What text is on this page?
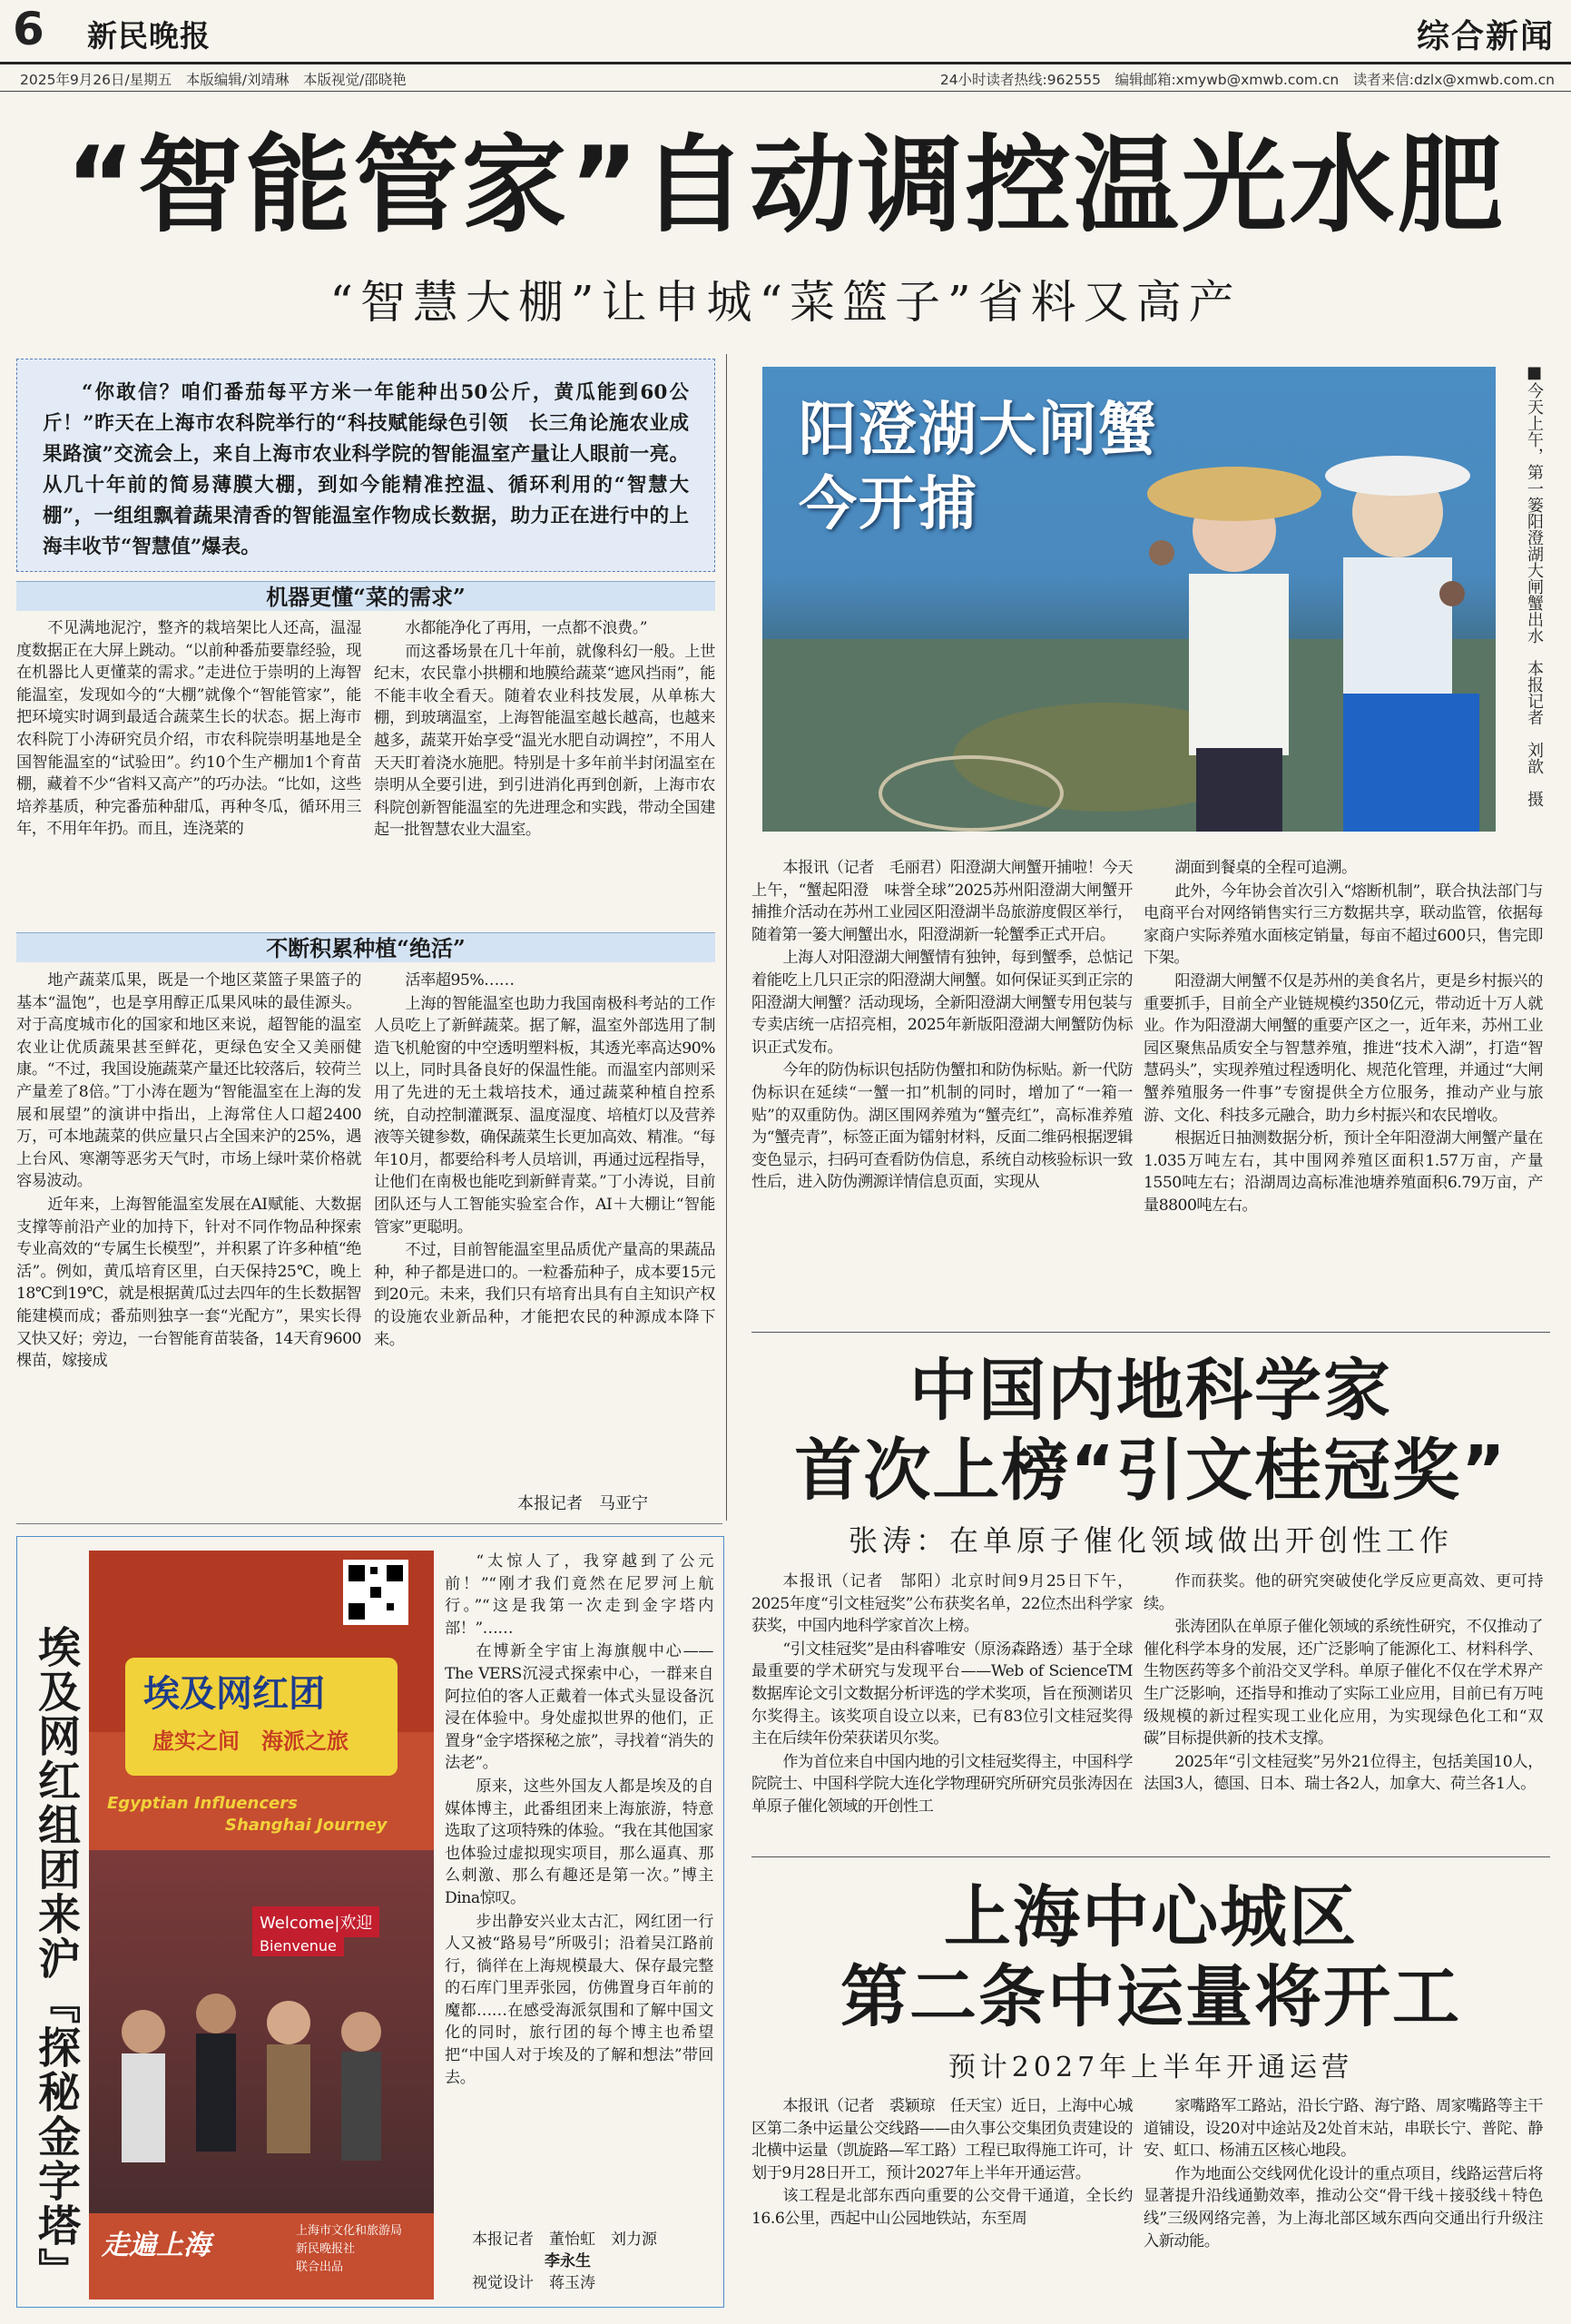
6 新民晚报	综合新闻
2025年9月26日/星期五　本版编辑/刘靖琳　本版视觉/邵晓艳	24小时读者热线:962555　编辑邮箱:xmywb@xmwb.com.cn　读者来信:dzlx@xmwb.com.cn
“智能管家”自动调控温光水肥
“智慧大棚”让申城“菜篮子”省料又高产
“你敢信？咱们番茄每平方米一年能种出50公斤，黄瓜能到60公斤！”昨天在上海市农科院举行的“科技赋能绿色引领　长三角论施农业成果路演”交流会上，来自上海市农业科学院的智能温室产量让人眼前一亮。从几十年前的简易薄膜大棚，到如今能精准控温、循环利用的“智慧大棚”，一组组飘着蔬果清香的智能温室作物成长数据，助力正在进行中的上海丰收节“智慧值”爆表。
机器更懂“菜的需求”

不见满地泥泞，整齐的栽培架比人还高，温湿度数据正在大屏上跳动。“以前种番茄要靠经验，现在机器比人更懂菜的需求。”走进位于崇明的上海智能温室，发现如今的“大棚”就像个“智能管家”，能把环境实时调到最适合蔬菜生长的状态。据上海市农科院丁小涛研究员介绍，市农科院崇明基地是全国智能温室的“试验田”。约10个生产棚加1个育苗棚，藏着不少“省料又高产”的巧办法。“比如，这些培养基质，种完番茄种甜瓜，再种冬瓜，循环用三年，不用年年扔。而且，连浇菜的

水都能净化了再用，一点都不浪费。”

而这番场景在几十年前，就像科幻一般。上世纪末，农民靠小拱棚和地膜给蔬菜“遮风挡雨”，能不能丰收全看天。随着农业科技发展，从单栋大棚，到玻璃温室，上海智能温室越长越高，也越来越多，蔬菜开始享受“温光水肥自动调控”，不用人天天盯着浇水施肥。特别是十多年前半封闭温室在崇明从全要引进，到引进消化再到创新，上海市农科院创新智能温室的先进理念和实践，带动全国建起一批智慧农业大温室。

不断积累种植“绝活”

地产蔬菜瓜果，既是一个地区菜篮子果篮子的基本“温饱”，也是享用醇正瓜果风味的最佳源头。对于高度城市化的国家和地区来说，超智能的温室农业让优质蔬果甚至鲜花，更绿色安全又美丽健康。“不过，我国设施蔬菜产量还比较落后，较荷兰产量差了8倍。”丁小涛在题为“智能温室在上海的发展和展望”的演讲中指出，上海常住人口超2400万，可本地蔬菜的供应量只占全国来沪的25%，遇上台风、寒潮等恶劣天气时，市场上绿叶菜价格就容易波动。

近年来，上海智能温室发展在AI赋能、大数据支撑等前沿产业的加持下，针对不同作物品种探索专业高效的“专属生长模型”，并积累了许多种植“绝活”。例如，黄瓜培育区里，白天保持25℃，晚上18℃到19℃，就是根据黄瓜过去四年的生长数据智能建模而成；番茄则独享一套“光配方”，果实长得又快又好；旁边，一台智能育苗装备，14天育9600棵苗，嫁接成

活率超95%……

上海的智能温室也助力我国南极科考站的工作人员吃上了新鲜蔬菜。据了解，温室外部选用了制造飞机舱窗的中空透明塑料板，其透光率高达90%以上，同时具备良好的保温性能。而温室内部则采用了先进的无土栽培技术，通过蔬菜种植自控系统，自动控制灌溉泵、温度湿度、培植灯以及营养液等关键参数，确保蔬菜生长更加高效、精准。“每年10月，都要给科考人员培训，再通过远程指导，让他们在南极也能吃到新鲜青菜。”丁小涛说，目前团队还与人工智能实验室合作，AI＋大棚让“智能管家”更聪明。

不过，目前智能温室里品质优产量高的果蔬品种，种子都是进口的。一粒番茄种子，成本要15元到20元。未来，我们只有培育出具有自主知识产权的设施农业新品种，才能把农民的种源成本降下来。

本报记者　马亚宁
阳澄湖大闸蟹
今开捕	■今天上午，第一篓阳澄湖大闸蟹出水　本报记者　刘歆　摄

本报讯（记者　毛丽君）阳澄湖大闸蟹开捕啦！今天上午，“蟹起阳澄　味誉全球”2025苏州阳澄湖大闸蟹开捕推介活动在苏州工业园区阳澄湖半岛旅游度假区举行，随着第一篓大闸蟹出水，阳澄湖新一轮蟹季正式开启。

上海人对阳澄湖大闸蟹情有独钟，每到蟹季，总惦记着能吃上几只正宗的阳澄湖大闸蟹。如何保证买到正宗的阳澄湖大闸蟹？活动现场，全新阳澄湖大闸蟹专用包装与专卖店统一店招亮相，2025年新版阳澄湖大闸蟹防伪标识正式发布。

今年的防伪标识包括防伪蟹扣和防伪标贴。新一代防伪标识在延续“一蟹一扣”机制的同时，增加了“一箱一贴”的双重防伪。湖区围网养殖为“蟹壳红”，高标准养殖为“蟹壳青”，标签正面为镭射材料，反面二维码根据逻辑变色显示，扫码可查看防伪信息，系统自动核验标识一致性后，进入防伪溯源详情信息页面，实现从

湖面到餐桌的全程可追溯。

此外，今年协会首次引入“熔断机制”，联合执法部门与电商平台对网络销售实行三方数据共享，联动监管，依据每家商户实际养殖水面核定销量，每亩不超过600只，售完即下架。

阳澄湖大闸蟹不仅是苏州的美食名片，更是乡村振兴的重要抓手，目前全产业链规模约350亿元，带动近十万人就业。作为阳澄湖大闸蟹的重要产区之一，近年来，苏州工业园区聚焦品质安全与智慧养殖，推进“技术入湖”，打造“智慧码头”，实现养殖过程透明化、规范化管理，并通过“大闸蟹养殖服务一件事”专窗提供全方位服务，推动产业与旅游、文化、科技多元融合，助力乡村振兴和农民增收。

根据近日抽测数据分析，预计全年阳澄湖大闸蟹产量在1.035万吨左右，其中围网养殖区面积1.57万亩，产量1550吨左右；沿湖周边高标准池塘养殖面积6.79万亩，产量8800吨左右。

中国内地科学家
首次上榜“引文桂冠奖”
张涛：在单原子催化领域做出开创性工作

本报讯（记者　郜阳）北京时间9月25日下午，2025年度“引文桂冠奖”公布获奖名单，22位杰出科学家获奖，中国内地科学家首次上榜。

“引文桂冠奖”是由科睿唯安（原汤森路透）基于全球最重要的学术研究与发现平台——Web of ScienceTM数据库论文引文数据分析评选的学术奖项，旨在预测诺贝尔奖得主。该奖项自设立以来，已有83位引文桂冠奖得主在后续年份荣获诺贝尔奖。

作为首位来自中国内地的引文桂冠奖得主，中国科学院院士、中国科学院大连化学物理研究所研究员张涛因在单原子催化领域的开创性工

作而获奖。他的研究突破使化学反应更高效、更可持续。

张涛团队在单原子催化领域的系统性研究，不仅推动了催化科学本身的发展，还广泛影响了能源化工、材料科学、生物医药等多个前沿交叉学科。单原子催化不仅在学术界产生广泛影响，还指导和推动了实际工业应用，目前已有万吨级规模的新过程实现工业化应用，为实现绿色化工和“双碳”目标提供新的技术支撑。

2025年“引文桂冠奖”另外21位得主，包括美国10人，法国3人，德国、日本、瑞士各2人，加拿大、荷兰各1人。

上海中心城区
第二条中运量将开工
预计2027年上半年开通运营

本报讯（记者　裘颖琼　任天宝）近日，上海中心城区第二条中运量公交线路——由久事公交集团负责建设的北横中运量（凯旋路—军工路）工程已取得施工许可，计划于9月28日开工，预计2027年上半年开通运营。

该工程是北部东西向重要的公交骨干通道，全长约16.6公里，西起中山公园地铁站，东至周

家嘴路军工路站，沿长宁路、海宁路、周家嘴路等主干道铺设，设20对中途站及2处首末站，串联长宁、普陀、静安、虹口、杨浦五区核心地段。

作为地面公交线网优化设计的重点项目，线路运营后将显著提升沿线通勤效率，推动公交“骨干线＋接驳线＋特色线”三级网络完善，为上海北部区域东西向交通出行升级注入新动能。

埃及网红组团来沪『探秘金字塔』 埃及网红团
虚实之间　海派之旅
Egyptian Influencers
Shanghai Journey
Welcome|欢迎
Bienvenue
走遍上海	上海市文化和旅游局
新民晚报社
联合出品

“太惊人了，我穿越到了公元前！”“刚才我们竟然在尼罗河上航行。”“这是我第一次走到金字塔内部！”……

在博新全宇宙上海旗舰中心——The VERS沉浸式探索中心，一群来自阿拉伯的客人正戴着一体式头显设备沉浸在体验中。身处虚拟世界的他们，正置身“金字塔探秘之旅”，寻找着“消失的法老”。

原来，这些外国友人都是埃及的自媒体博主，此番组团来上海旅游，特意选取了这项特殊的体验。“我在其他国家也体验过虚拟现实项目，那么逼真、那么刺激、那么有趣还是第一次。”博主Dina惊叹。

步出静安兴业太古汇，网红团一行人又被“路易号”所吸引；沿着吴江路前行，徜徉在上海规模最大、保存最完整的石库门里弄张园，仿佛置身百年前的魔都……在感受海派氛围和了解中国文化的同时，旅行团的每个博主也希望把“中国人对于埃及的了解和想法”带回去。

本报记者　董怡虹　刘力源
李永生
视觉设计　蒋玉涛
